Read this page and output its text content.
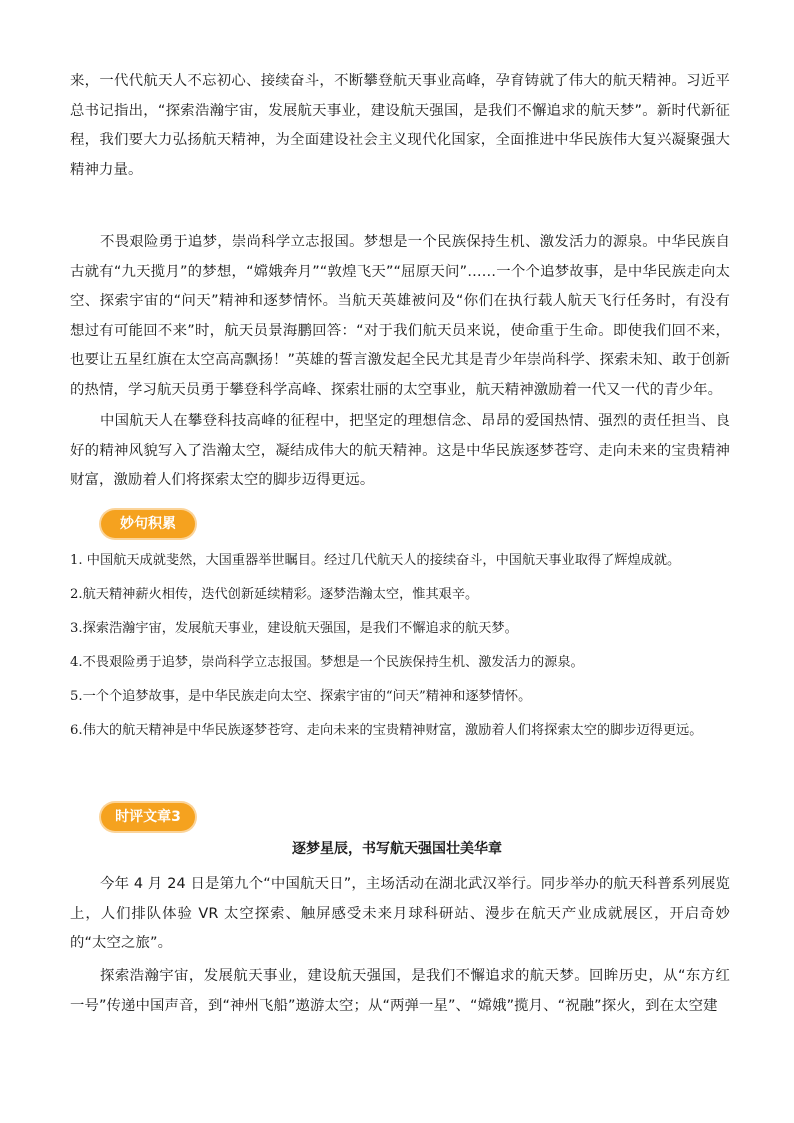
来，一代代航天人不忘初心、接续奋斗，不断攀登航天事业高峰，孕育铸就了伟大的航天精神。习近平总书记指出，“探索浩瀚宇宙，发展航天事业，建设航天强国，是我们不懈追求的航天梦”。新时代新征程，我们要大力弘扬航天精神，为全面建设社会主义现代化国家，全面推进中华民族伟大复兴凝聚强大精神力量。

不畏艰险勇于追梦，崇尚科学立志报国。梦想是一个民族保持生机、激发活力的源泉。中华民族自古就有“九天揽月”的梦想，“嫦娥奔月”“敦煌飞天”“屈原天问”……一个个追梦故事，是中华民族走向太空、探索宇宙的“问天”精神和逐梦情怀。当航天英雄被问及“你们在执行载人航天飞行任务时，有没有想过有可能回不来”时，航天员景海鹏回答：“对于我们航天员来说，使命重于生命。即使我们回不来，也要让五星红旗在太空高高飘扬！”英雄的誓言激发起全民尤其是青少年崇尚科学、探索未知、敢于创新的热情，学习航天员勇于攀登科学高峰、探索壮丽的太空事业，航天精神激励着一代又一代的青少年。

中国航天人在攀登科技高峰的征程中，把坚定的理想信念、昂昂的爱国热情、强烈的责任担当、良好的精神风貌写入了浩瀚太空，凝结成伟大的航天精神。这是中华民族逐梦苍穹、走向未来的宝贵精神财富，激励着人们将探索太空的脚步迈得更远。

妙句积累
1. 中国航天成就斐然，大国重器举世瞩目。经过几代航天人的接续奋斗，中国航天事业取得了辉煌成就。
2.航天精神薪火相传，迭代创新延续精彩。逐梦浩瀚太空，惟其艰辛。
3.探索浩瀚宇宙，发展航天事业，建设航天强国，是我们不懈追求的航天梦。
4.不畏艰险勇于追梦，崇尚科学立志报国。梦想是一个民族保持生机、激发活力的源泉。
5.一个个追梦故事，是中华民族走向太空、探索宇宙的“问天”精神和逐梦情怀。
6.伟大的航天精神是中华民族逐梦苍穹、走向未来的宝贵精神财富，激励着人们将探索太空的脚步迈得更远。
时评文章3
逐梦星辰，书写航天强国壮美华章

今年 4 月 24 日是第九个“中国航天日”，主场活动在湖北武汉举行。同步举办的航天科普系列展览上，人们排队体验 VR 太空探索、触屏感受未来月球科研站、漫步在航天产业成就展区，开启奇妙的“太空之旅”。

探索浩瀚宇宙，发展航天事业，建设航天强国，是我们不懈追求的航天梦。回眸历史，从“东方红一号”传递中国声音，到“神州飞船”遨游太空；从“两弹一星”、“嫦娥”揽月、“祝融”探火，到在太空建
